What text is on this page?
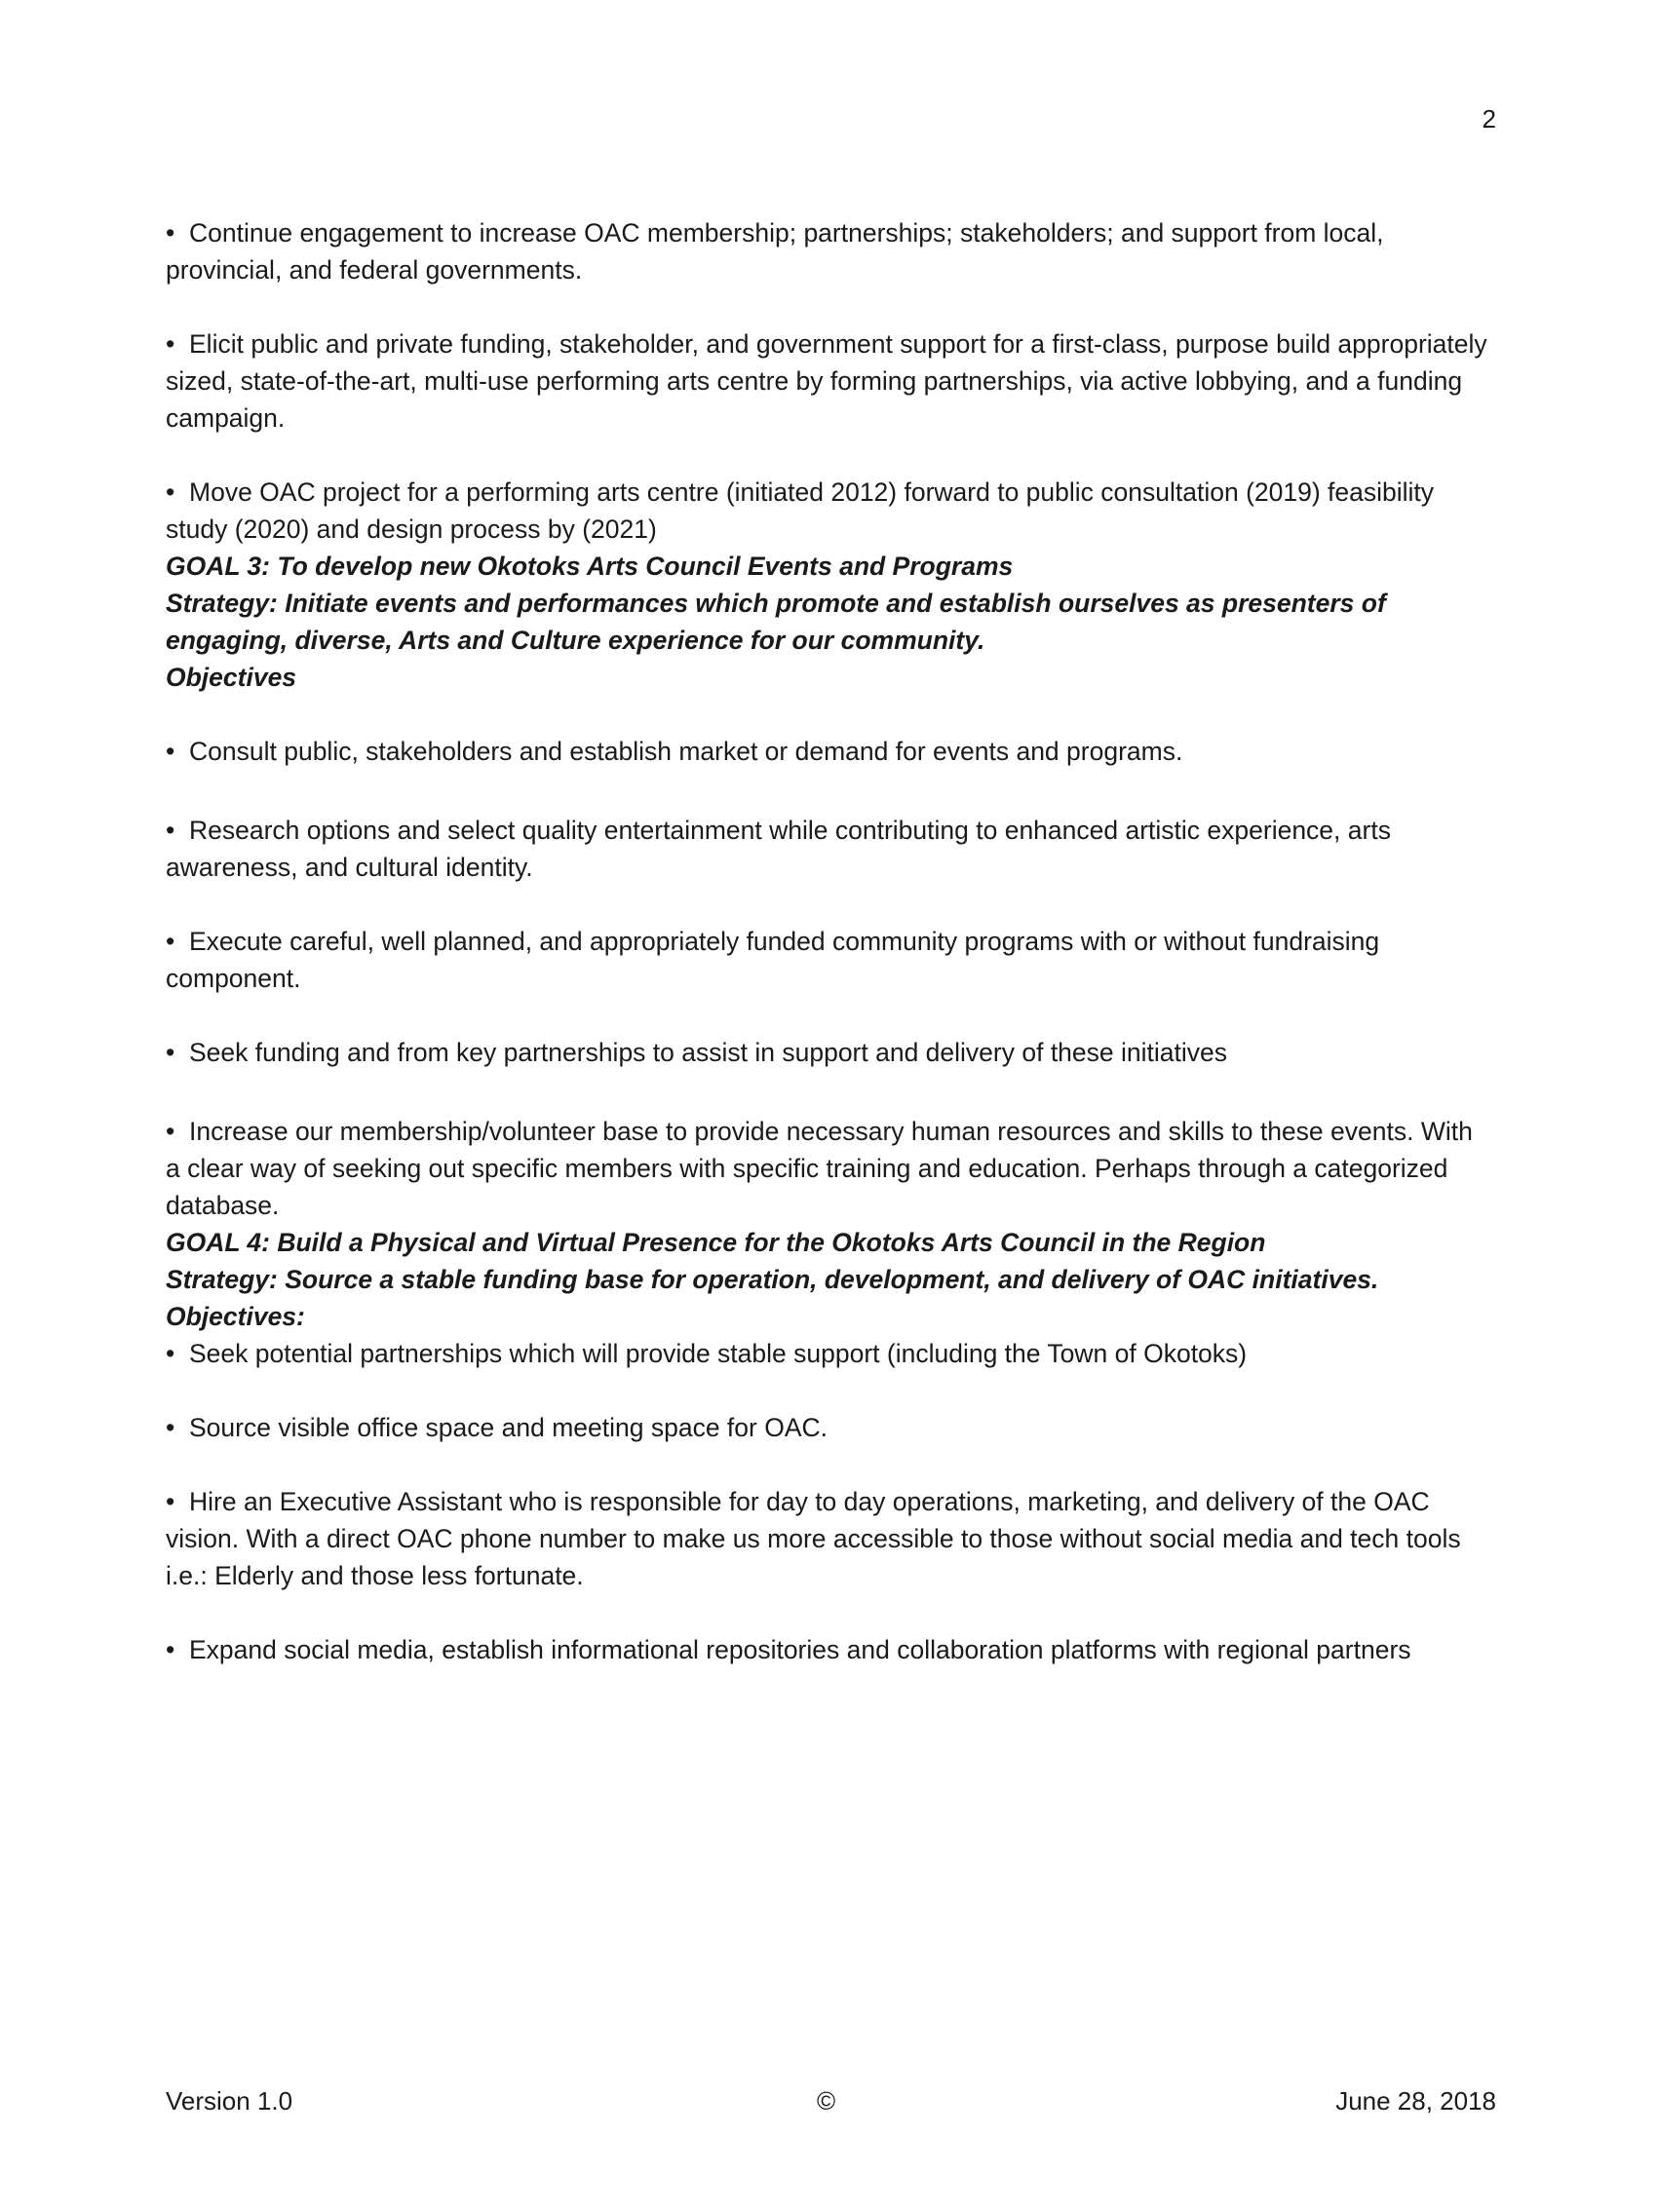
2

• Continue engagement to increase OAC membership; partnerships; stakeholders; and support from local, provincial, and federal governments.

• Elicit public and private funding, stakeholder, and government support for a first-class, purpose build appropriately sized, state-of-the-art, multi-use performing arts centre by forming partnerships, via active lobbying, and a funding campaign.

• Move OAC project for a performing arts centre (initiated 2012) forward to public consultation (2019) feasibility study (2020) and design process by (2021)

GOAL 3: To develop new Okotoks Arts Council Events and Programs

Strategy: Initiate events and performances which promote and establish ourselves as presenters of engaging, diverse, Arts and Culture experience for our community.

Objectives

• Consult public, stakeholders and establish market or demand for events and programs.

• Research options and select quality entertainment while contributing to enhanced artistic experience, arts awareness, and cultural identity.

• Execute careful, well planned, and appropriately funded community programs with or without fundraising component.

• Seek funding and from key partnerships to assist in support and delivery of these initiatives

• Increase our membership/volunteer base to provide necessary human resources and skills to these events. With a clear way of seeking out specific members with specific training and education. Perhaps through a categorized database.

GOAL 4: Build a Physical and Virtual Presence for the Okotoks Arts Council in the Region

Strategy: Source a stable funding base for operation, development, and delivery of OAC initiatives.

Objectives:

• Seek potential partnerships which will provide stable support (including the Town of Okotoks)

• Source visible office space and meeting space for OAC.

• Hire an Executive Assistant who is responsible for day to day operations, marketing, and delivery of the OAC vision. With a direct OAC phone number to make us more accessible to those without social media and tech tools i.e.: Elderly and those less fortunate.

• Expand social media, establish informational repositories and collaboration platforms with regional partners

Version 1.0	©	June 28, 2018
